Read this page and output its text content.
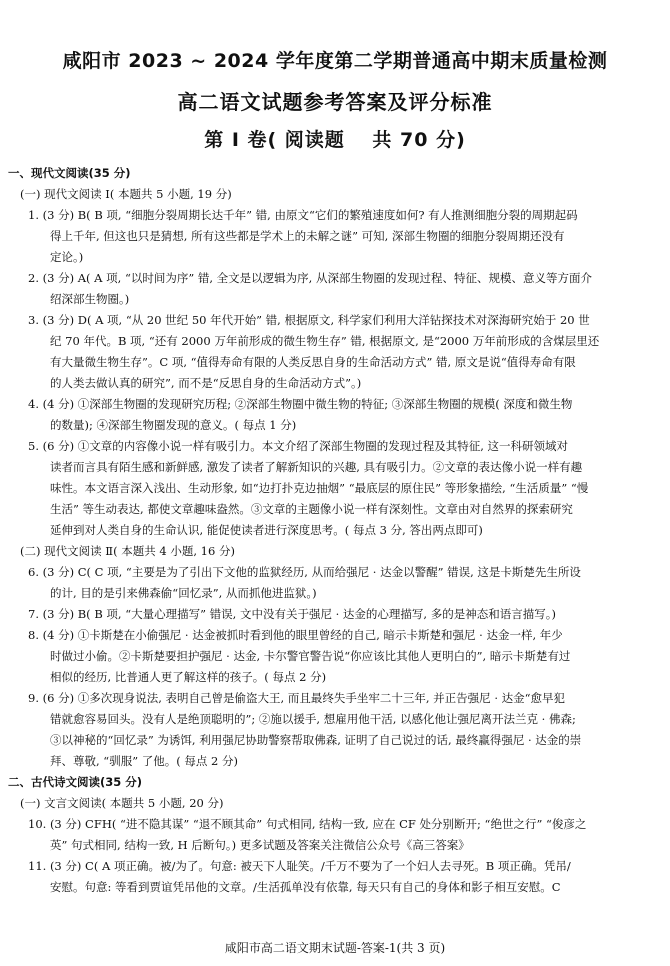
咸阳市 2023 ~ 2024 学年度第二学期普通高中期末质量检测
高二语文试题参考答案及评分标准
第 Ⅰ 卷( 阅读题　 共 70 分)
一、现代文阅读(35 分)
(一) 现代文阅读 Ⅰ( 本题共 5 小题, 19 分)
1. (3 分) B( B 项, “细胞分裂周期长达千年” 错, 由原文“它们的繁殖速度如何? 有人推测细胞分裂的周期起码
得上千年, 但这也只是猜想, 所有这些都是学术上的未解之谜” 可知, 深部生物圈的细胞分裂周期还没有
定论。)
2. (3 分) A( A 项, “以时间为序” 错, 全文是以逻辑为序, 从深部生物圈的发现过程、特征、规模、意义等方面介
绍深部生物圈。)
3. (3 分) D( A 项, “从 20 世纪 50 年代开始” 错, 根据原文, 科学家们利用大洋钻探技术对深海研究始于 20 世
纪 70 年代。B 项, “还有 2000 万年前形成的微生物生存” 错, 根据原文, 是“2000 万年前形成的含煤层里还
有大量微生物生存”。C 项, “值得寿命有限的人类反思自身的生命活动方式” 错, 原文是说“值得寿命有限
的人类去做认真的研究”, 而不是“反思自身的生命活动方式”。)
4. (4 分) ①深部生物圈的发现研究历程; ②深部生物圈中微生物的特征; ③深部生物圈的规模( 深度和微生物
的数量); ④深部生物圈发现的意义。( 每点 1 分)
5. (6 分) ①文章的内容像小说一样有吸引力。本文介绍了深部生物圈的发现过程及其特征, 这一科研领域对
读者而言具有陌生感和新鲜感, 激发了读者了解新知识的兴趣, 具有吸引力。②文章的表达像小说一样有趣
味性。本文语言深入浅出、生动形象, 如“边打扑克边抽烟” “最底层的原住民” 等形象描绘, “生活质量” “慢
生活” 等生动表达, 都使文章趣味盎然。③文章的主题像小说一样有深刻性。文章由对自然界的探索研究
延伸到对人类自身的生命认识, 能促使读者进行深度思考。( 每点 3 分, 答出两点即可)
(二) 现代文阅读 Ⅱ( 本题共 4 小题, 16 分)
6. (3 分) C( C 项, “主要是为了引出下文他的监狱经历, 从而给强尼 · 达金以警醒” 错误, 这是卡斯楚先生所设
的计, 目的是引来佛森偷“回忆录”, 从而抓他进监狱。)
7. (3 分) B( B 项, “大量心理描写” 错误, 文中没有关于强尼 · 达金的心理描写, 多的是神态和语言描写。)
8. (4 分) ①卡斯楚在小偷强尼 · 达金被抓时看到他的眼里曾经的自己, 暗示卡斯楚和强尼 · 达金一样, 年少
时做过小偷。②卡斯楚要担护强尼 · 达金, 卡尔警官警告说“你应该比其他人更明白的”, 暗示卡斯楚有过
相似的经历, 比普通人更了解这样的孩子。( 每点 2 分)
9. (6 分) ①多次现身说法, 表明自己曾是偷盗大王, 而且最终失手坐牢二十三年, 并正告强尼 · 达金“愈早犯
错就愈容易回头。没有人是绝顶聪明的”; ②施以援手, 想雇用他干活, 以感化他让强尼离开法兰克 · 佛森;
③以神秘的“回忆录” 为诱饵, 利用强尼协助警察帮取佛森, 证明了自己说过的话, 最终赢得强尼 · 达金的崇
拜、尊敬, “驯服” 了他。( 每点 2 分)
二、古代诗文阅读(35 分)
(一) 文言文阅读( 本题共 5 小题, 20 分)
10. (3 分) CFH( “进不隐其谋” “退不顾其命” 句式相同, 结构一致, 应在 CF 处分别断开; “绝世之行” “俊彦之
英” 句式相同, 结构一致, H 后断句。) 更多试题及答案关注微信公众号《高三答案》
11. (3 分) C( A 项正确。被/为了。句意: 被天下人耻笑。/千万不要为了一个妇人去寻死。B 项正确。凭吊/
安慰。句意: 等看到贾谊凭吊他的文章。/生活孤单没有依靠, 每天只有自己的身体和影子相互安慰。C
咸阳市高二语文期末试题-答案-1(共 3 页)
